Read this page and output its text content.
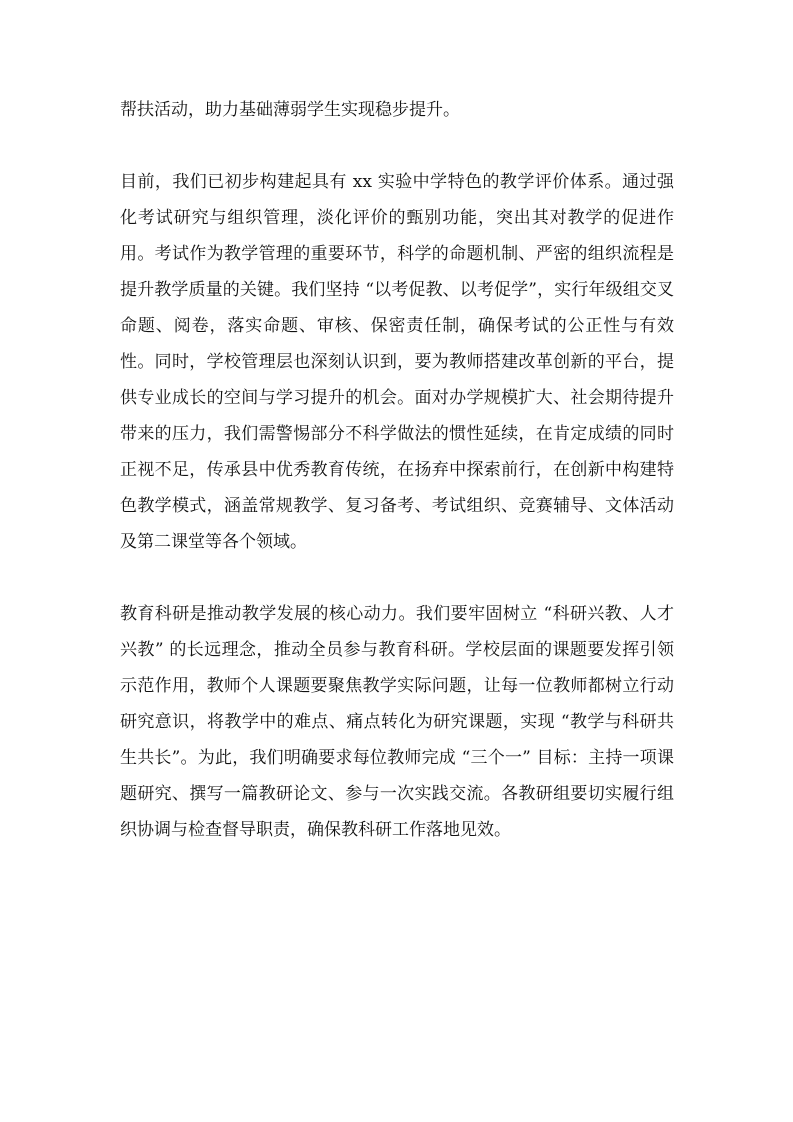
帮扶活动，助力基础薄弱学生实现稳步提升。

目前，我们已初步构建起具有 xx 实验中学特色的教学评价体系。通过强化考试研究与组织管理，淡化评价的甄别功能，突出其对教学的促进作用。考试作为教学管理的重要环节，科学的命题机制、严密的组织流程是提升教学质量的关键。我们坚持 “以考促教、以考促学”，实行年级组交叉命题、阅卷，落实命题、审核、保密责任制，确保考试的公正性与有效性。同时，学校管理层也深刻认识到，要为教师搭建改革创新的平台，提供专业成长的空间与学习提升的机会。面对办学规模扩大、社会期待提升带来的压力，我们需警惕部分不科学做法的惯性延续，在肯定成绩的同时正视不足，传承县中优秀教育传统，在扬弃中探索前行，在创新中构建特色教学模式，涵盖常规教学、复习备考、考试组织、竞赛辅导、文体活动及第二课堂等各个领域。

教育科研是推动教学发展的核心动力。我们要牢固树立 “科研兴教、人才兴教” 的长远理念，推动全员参与教育科研。学校层面的课题要发挥引领示范作用，教师个人课题要聚焦教学实际问题，让每一位教师都树立行动研究意识，将教学中的难点、痛点转化为研究课题，实现 “教学与科研共生共长”。为此，我们明确要求每位教师完成 “三个一” 目标：主持一项课题研究、撰写一篇教研论文、参与一次实践交流。各教研组要切实履行组织协调与检查督导职责，确保教科研工作落地见效。
